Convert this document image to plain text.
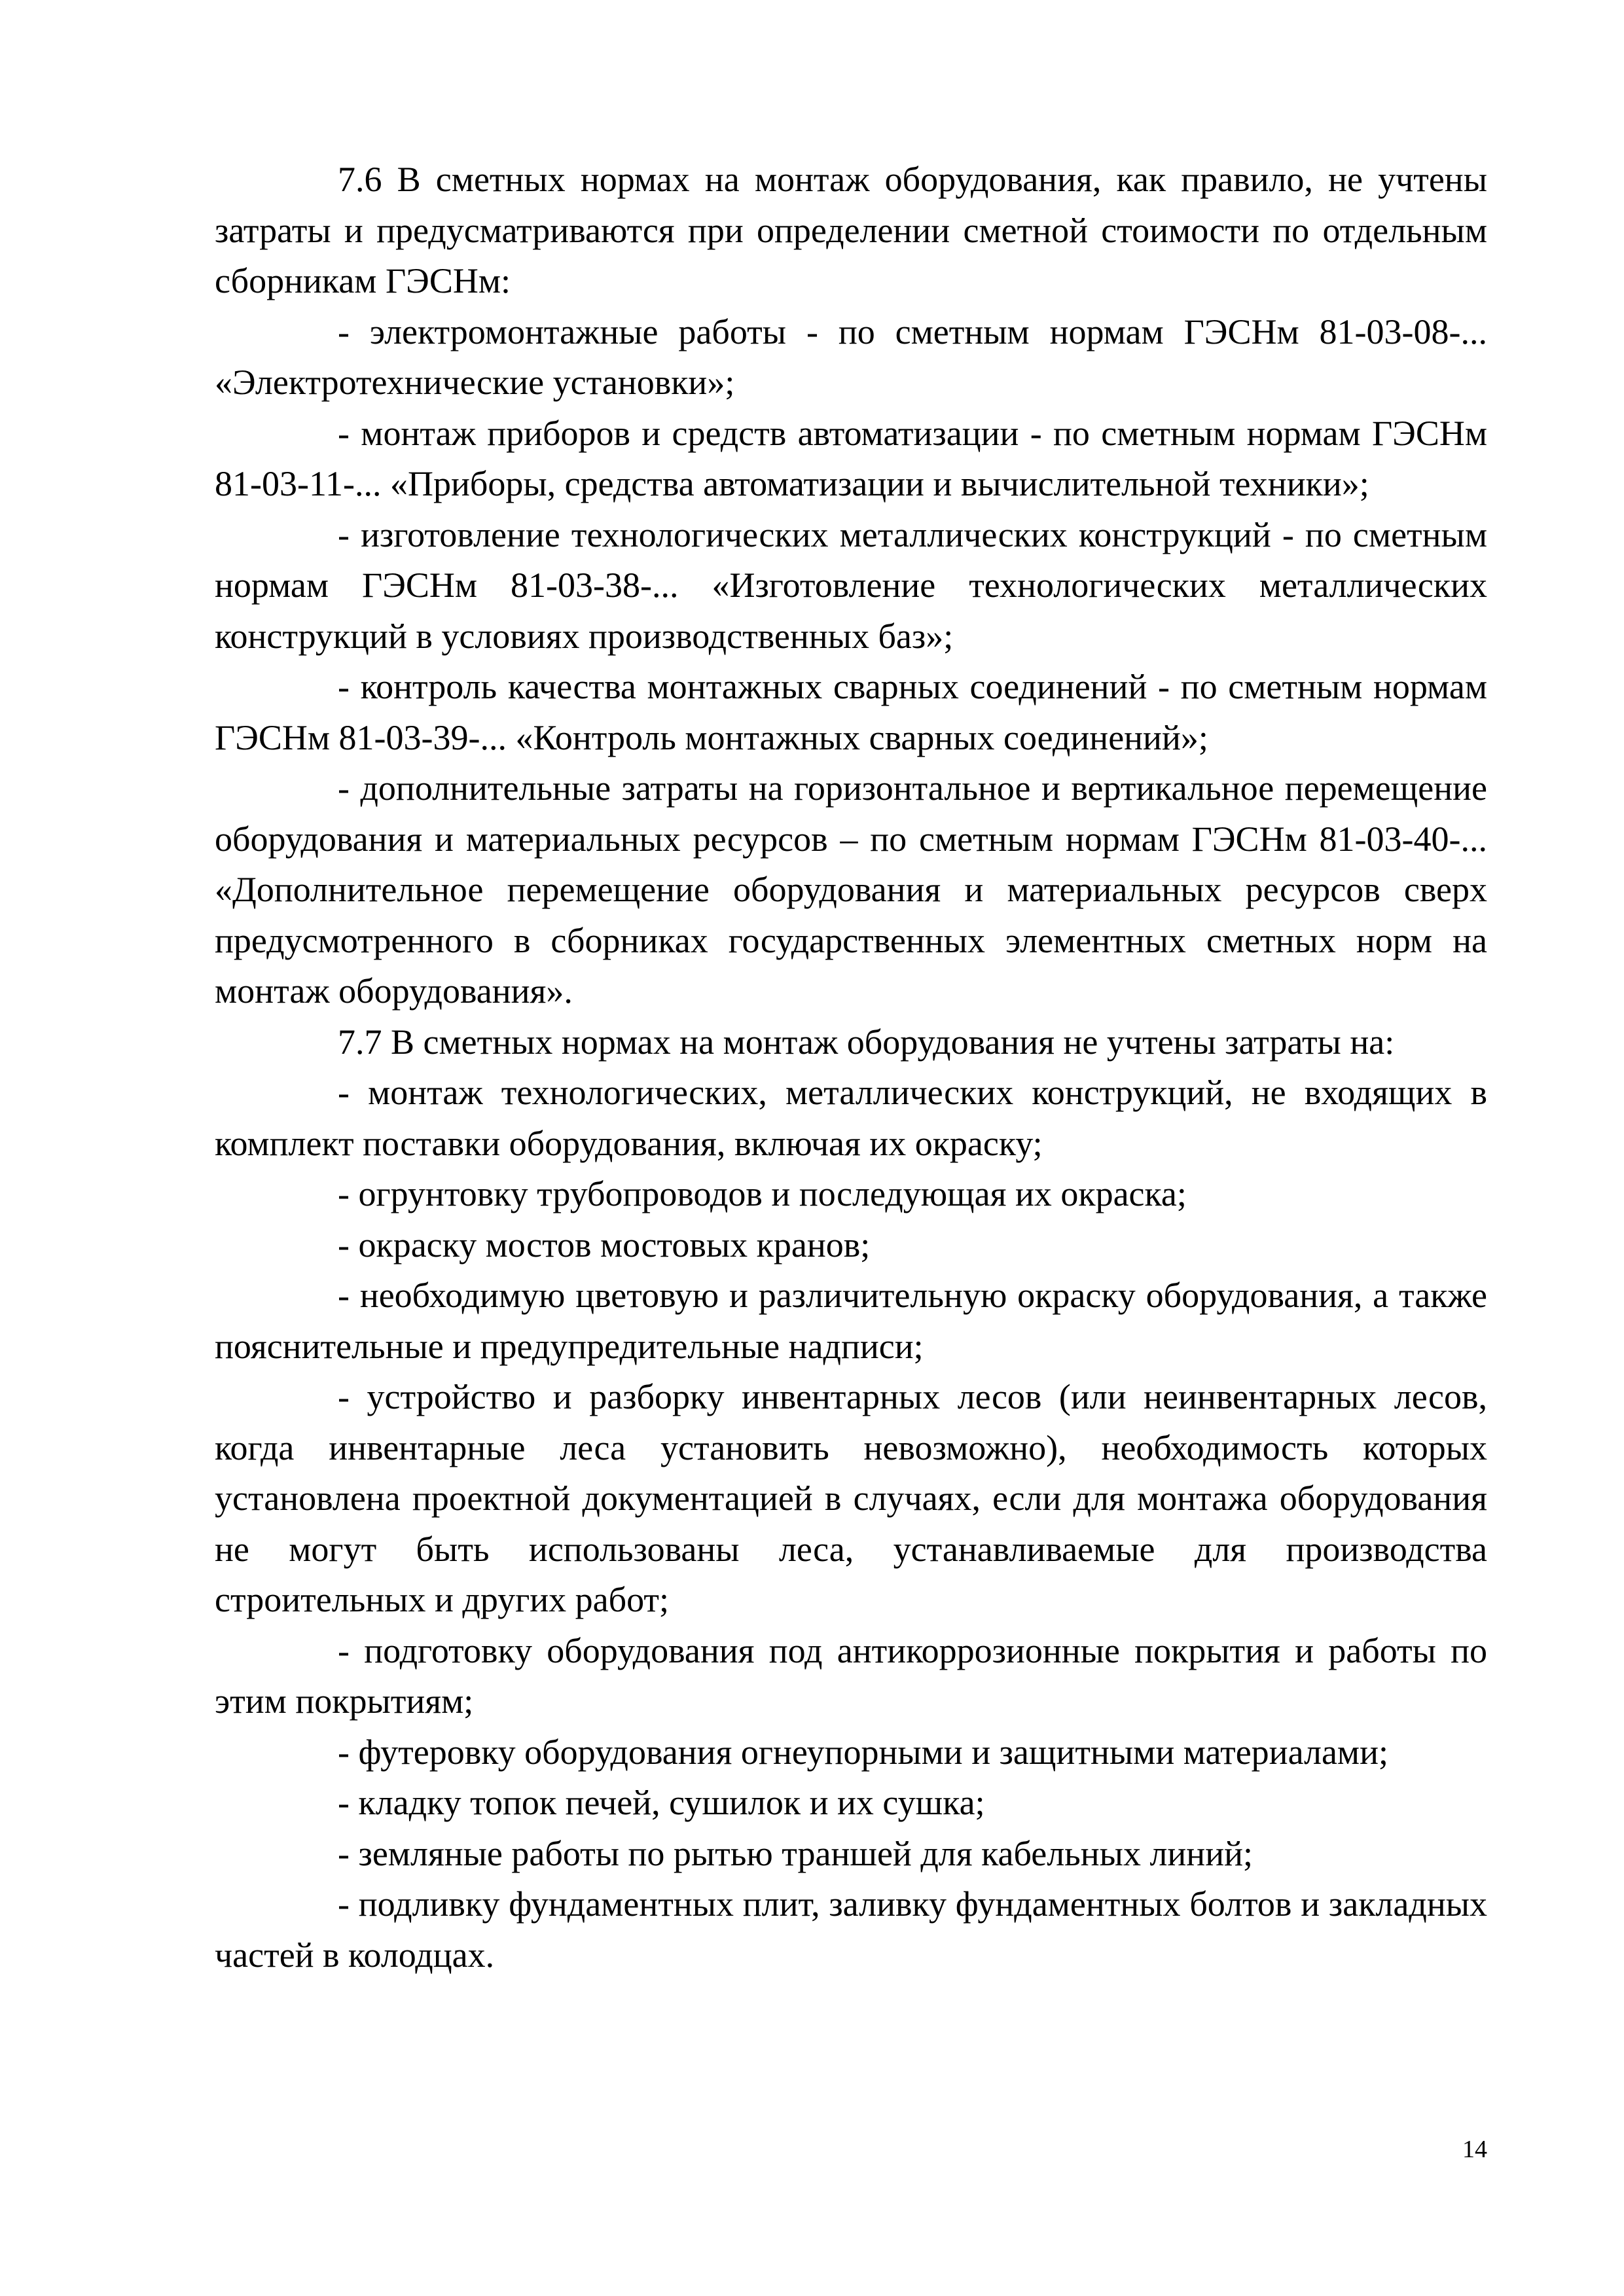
7.6 В сметных нормах на монтаж оборудования, как правило, не учтены затраты и предусматриваются при определении сметной стоимости по отдельным сборникам ГЭСНм:

- электромонтажные работы - по сметным нормам ГЭСНм 81-03-08-... «Электротехнические установки»;

- монтаж приборов и средств автоматизации - по сметным нормам ГЭСНм 81-03-11-... «Приборы, средства автоматизации и вычислительной техники»;

- изготовление технологических металлических конструкций - по сметным нормам ГЭСНм 81-03-38-... «Изготовление технологических металлических конструкций в условиях производственных баз»;

- контроль качества монтажных сварных соединений - по сметным нормам ГЭСНм 81-03-39-... «Контроль монтажных сварных соединений»;

- дополнительные затраты на горизонтальное и вертикальное перемещение оборудования и материальных ресурсов – по сметным нормам ГЭСНм 81-03-40-... «Дополнительное перемещение оборудования и материальных ресурсов сверх предусмотренного в сборниках государственных элементных сметных норм на монтаж оборудования».

7.7 В сметных нормах на монтаж оборудования не учтены затраты на:

- монтаж технологических, металлических конструкций, не входящих в комплект поставки оборудования, включая их окраску;

- огрунтовку трубопроводов и последующая их окраска;

- окраску мостов мостовых кранов;

- необходимую цветовую и различительную окраску оборудования, а также пояснительные и предупредительные надписи;

- устройство и разборку инвентарных лесов (или неинвентарных лесов, когда инвентарные леса установить невозможно), необходимость которых установлена проектной документацией в случаях, если для монтажа оборудования не могут быть использованы леса, устанавливаемые для производства строительных и других работ;

- подготовку оборудования под антикоррозионные покрытия и работы по этим покрытиям;

- футеровку оборудования огнеупорными и защитными материалами;

- кладку топок печей, сушилок и их сушка;

- земляные работы по рытью траншей для кабельных линий;

- подливку фундаментных плит, заливку фундаментных болтов и закладных частей в колодцах.

14
